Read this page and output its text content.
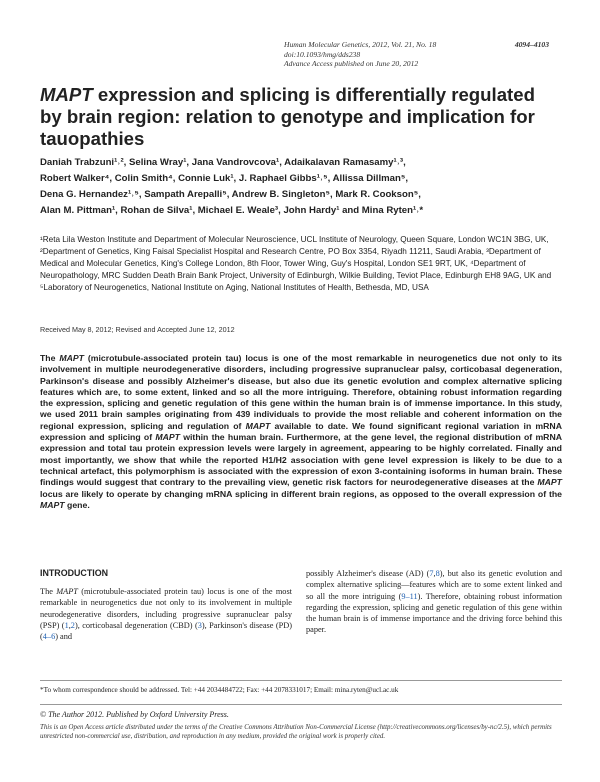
Human Molecular Genetics, 2012, Vol. 21, No. 18	4094–4103
doi:10.1093/hmg/dds238
Advance Access published on June 20, 2012
MAPT expression and splicing is differentially regulated by brain region: relation to genotype and implication for tauopathies
Daniah Trabzuni¹˒², Selina Wray¹, Jana Vandrovcova¹, Adaikalavan Ramasamy¹˒³,
Robert Walker⁴, Colin Smith⁴, Connie Luk¹, J. Raphael Gibbs¹˒⁵, Allissa Dillman⁵,
Dena G. Hernandez¹˒⁵, Sampath Arepalli⁵, Andrew B. Singleton⁵, Mark R. Cookson⁵,
Alan M. Pittman¹, Rohan de Silva¹, Michael E. Weale³, John Hardy¹ and Mina Ryten¹˒*
¹Reta Lila Weston Institute and Department of Molecular Neuroscience, UCL Institute of Neurology, Queen Square, London WC1N 3BG, UK, ²Department of Genetics, King Faisal Specialist Hospital and Research Centre, PO Box 3354, Riyadh 11211, Saudi Arabia, ³Department of Medical and Molecular Genetics, King's College London, 8th Floor, Tower Wing, Guy's Hospital, London SE1 9RT, UK, ⁴Department of Neuropathology, MRC Sudden Death Brain Bank Project, University of Edinburgh, Wilkie Building, Teviot Place, Edinburgh EH8 9AG, UK and ⁵Laboratory of Neurogenetics, National Institute on Aging, National Institutes of Health, Bethesda, MD, USA
Received May 8, 2012; Revised and Accepted June 12, 2012
The MAPT (microtubule-associated protein tau) locus is one of the most remarkable in neurogenetics due not only to its involvement in multiple neurodegenerative disorders, including progressive supranuclear palsy, corticobasal degeneration, Parkinson's disease and possibly Alzheimer's disease, but also due its genetic evolution and complex alternative splicing features which are, to some extent, linked and so all the more intriguing. Therefore, obtaining robust information regarding the expression, splicing and genetic regulation of this gene within the human brain is of immense importance. In this study, we used 2011 brain samples originating from 439 individuals to provide the most reliable and coherent information on the regional expression, splicing and regulation of MAPT available to date. We found significant regional variation in mRNA expression and splicing of MAPT within the human brain. Furthermore, at the gene level, the regional distribution of mRNA expression and total tau protein expression levels were largely in agreement, appearing to be highly correlated. Finally and most importantly, we show that while the reported H1/H2 association with gene level expression is likely to be due to a technical artefact, this polymorphism is associated with the expression of exon 3-containing isoforms in human brain. These findings would suggest that contrary to the prevailing view, genetic risk factors for neurodegenerative diseases at the MAPT locus are likely to operate by changing mRNA splicing in different brain regions, as opposed to the overall expression of the MAPT gene.
INTRODUCTION
The MAPT (microtubule-associated protein tau) locus is one of the most remarkable in neurogenetics due not only to its involvement in multiple neurodegenerative disorders, including progressive supranuclear palsy (PSP) (1,2), corticobasal degeneration (CBD) (3), Parkinson's disease (PD) (4–6) and
possibly Alzheimer's disease (AD) (7,8), but also its genetic evolution and complex alternative splicing—features which are to some extent linked and so all the more intriguing (9–11). Therefore, obtaining robust information regarding the expression, splicing and genetic regulation of this gene within the human brain is of immense importance and the driving force behind this paper.
*To whom correspondence should be addressed. Tel: +44 2034484722; Fax: +44 2078331017; Email: mina.ryten@ucl.ac.uk
© The Author 2012. Published by Oxford University Press.
This is an Open Access article distributed under the terms of the Creative Commons Attribution Non-Commercial License (http://creativecommons.org/licenses/by-nc/2.5), which permits unrestricted non-commercial use, distribution, and reproduction in any medium, provided the original work is properly cited.
